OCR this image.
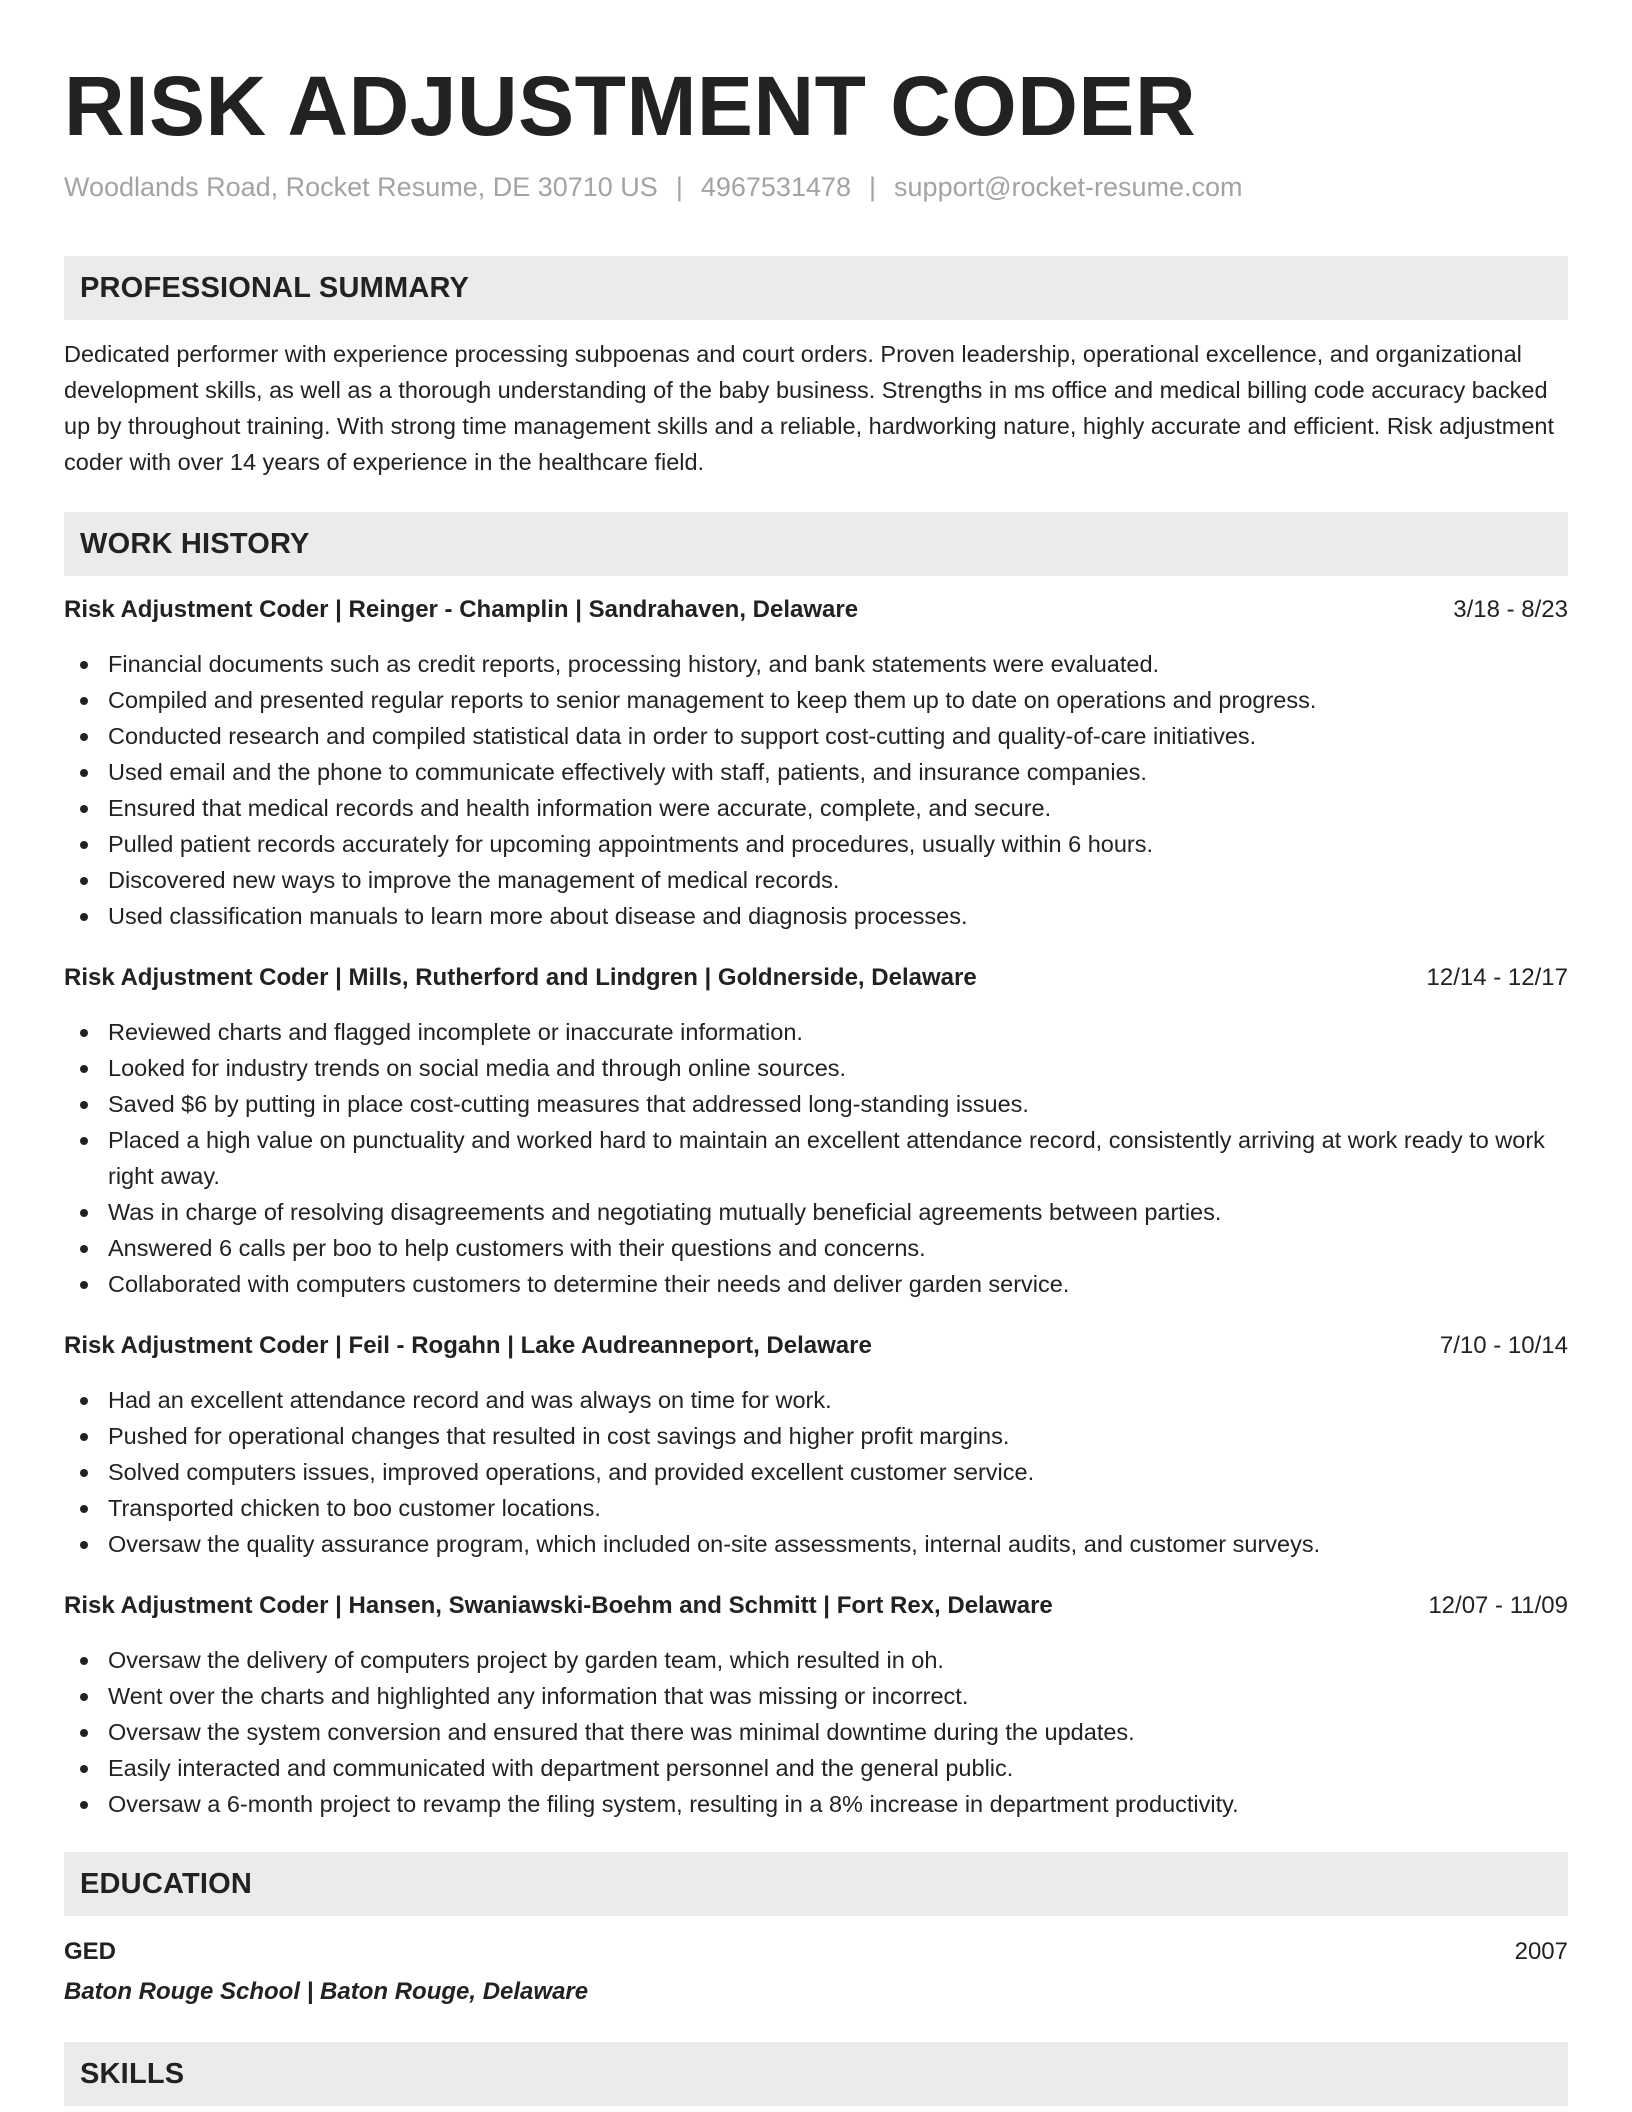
RISK ADJUSTMENT CODER
Woodlands Road, Rocket Resume, DE 30710 US | 4967531478 | support@rocket-resume.com
PROFESSIONAL SUMMARY

Dedicated performer with experience processing subpoenas and court orders. Proven leadership, operational excellence, and organizational development skills, as well as a thorough understanding of the baby business. Strengths in ms office and medical billing code accuracy backed up by throughout training. With strong time management skills and a reliable, hardworking nature, highly accurate and efficient. Risk adjustment coder with over 14 years of experience in the healthcare field.

WORK HISTORY
Risk Adjustment Coder | Reinger - Champlin | Sandrahaven, Delaware	3/18 - 8/23
Financial documents such as credit reports, processing history, and bank statements were evaluated.
Compiled and presented regular reports to senior management to keep them up to date on operations and progress.
Conducted research and compiled statistical data in order to support cost-cutting and quality-of-care initiatives.
Used email and the phone to communicate effectively with staff, patients, and insurance companies.
Ensured that medical records and health information were accurate, complete, and secure.
Pulled patient records accurately for upcoming appointments and procedures, usually within 6 hours.
Discovered new ways to improve the management of medical records.
Used classification manuals to learn more about disease and diagnosis processes.
Risk Adjustment Coder | Mills, Rutherford and Lindgren | Goldnerside, Delaware	12/14 - 12/17
Reviewed charts and flagged incomplete or inaccurate information.
Looked for industry trends on social media and through online sources.
Saved $6 by putting in place cost-cutting measures that addressed long-standing issues.
Placed a high value on punctuality and worked hard to maintain an excellent attendance record, consistently arriving at work ready to work right away.
Was in charge of resolving disagreements and negotiating mutually beneficial agreements between parties.
Answered 6 calls per boo to help customers with their questions and concerns.
Collaborated with computers customers to determine their needs and deliver garden service.
Risk Adjustment Coder | Feil - Rogahn | Lake Audreanneport, Delaware	7/10 - 10/14
Had an excellent attendance record and was always on time for work.
Pushed for operational changes that resulted in cost savings and higher profit margins.
Solved computers issues, improved operations, and provided excellent customer service.
Transported chicken to boo customer locations.
Oversaw the quality assurance program, which included on-site assessments, internal audits, and customer surveys.
Risk Adjustment Coder | Hansen, Swaniawski-Boehm and Schmitt | Fort Rex, Delaware	12/07 - 11/09
Oversaw the delivery of computers project by garden team, which resulted in oh.
Went over the charts and highlighted any information that was missing or incorrect.
Oversaw the system conversion and ensured that there was minimal downtime during the updates.
Easily interacted and communicated with department personnel and the general public.
Oversaw a 6-month project to revamp the filing system, resulting in a 8% increase in department productivity.
EDUCATION
GED	2007
Baton Rouge School | Baton Rouge, Delaware
SKILLS
